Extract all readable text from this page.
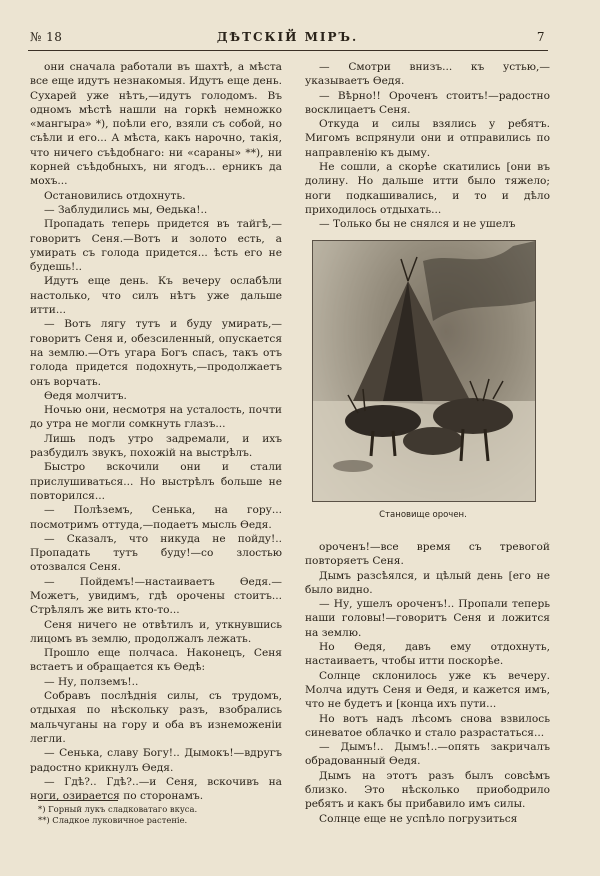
№ 18	ДѢТСКIЙ МIРЪ.	7

они сначала работали въ шахтѣ, а мѣста все еще идутъ незнакомыя. Идутъ еще день. Сухарей уже нѣтъ,—идутъ голодомъ. Въ одномъ мѣстѣ нашли на горкѣ немножко «мангыра» *), поѣли его, взяли съ собой, но съѣли и его... А мѣста, какъ нарочно, такiя, что ничего съѣдобнаго: ни «сараны» **), ни корней съѣдобныхъ, ни ягодъ... ерникъ да мохъ...

Остановились отдохнуть.

— Заблудились мы, Ѳедька!..

Пропадать теперь придется въ тайгѣ,—говоритъ Сеня.—Вотъ и золото есть, а умирать съ голода придется... ѣсть его не будешь!..

Идутъ еще день. Къ вечеру ослабѣли настолько, что силъ нѣтъ уже дальше итти...

— Вотъ лягу тутъ и буду умирать,—говоритъ Сеня и, обезсиленный, опускается на землю.—Отъ угара Богъ спасъ, такъ отъ голода придется подохнуть,—продолжаетъ онъ ворчать.

Ѳедя молчитъ.

Ночью они, несмотря на усталость, почти до утра не могли сомкнуть глазъ...

Лишь подъ утро задремали, и ихъ разбудилъ звукъ, похожiй на выстрѣлъ.

Быстро вскочили они и стали прислушиваться... Но выстрѣлъ больше не повторился...

— Полѣземъ, Сенька, на гору... посмотримъ оттуда,—подаетъ мысль Ѳедя.

— Сказалъ, что никуда не пойду!.. Пропадать тутъ буду!—со злостью отозвался Сеня.

— Пойдемъ!—настаиваетъ Ѳедя.—Можетъ, увидимъ, гдѣ орочены стоитъ... Стрѣлялъ же вить кто-то...

Сеня ничего не отвѣтилъ и, уткнувшись лицомъ въ землю, продолжалъ лежать.

Прошло еще полчаса. Наконецъ, Сеня встаетъ и обращается къ Ѳедѣ:

— Ну, полземъ!..

Собравъ послѣднiя силы, съ трудомъ, отдыхая по нѣскольку разъ, взобрались мальчуганы на гору и оба въ изнеможенiи легли.

— Сенька, славу Богу!.. Дымокъ!—вдругъ радостно крикнулъ Ѳедя.

— Гдѣ?.. Гдѣ?..—и Сеня, вскочивъ на ноги, озирается по сторонамъ.

— Смотри внизъ... къ устью,—указываетъ Ѳедя.

— Вѣрно!! Ороченъ стоитъ!—радостно восклицаетъ Сеня.

Откуда и силы взялись у ребятъ. Мигомъ вспрянули они и отправились по направленiю къ дыму.

Не сошли, а скорѣе скатились [они въ долину. Но дальше итти было тяжело; ноги подкашивались, и то и дѣло приходилось отдыхать...

— Только бы не снялся и не ушелъ

Становище орочен.

ороченъ!—все время съ тревогой повторяетъ Сеня.

Дымъ разсѣялся, и цѣлый день [его не было видно.

— Ну, ушелъ ороченъ!.. Пропали теперь наши головы!—говоритъ Сеня и ложится на землю.

Но Ѳедя, давъ ему отдохнуть, настаиваетъ, чтобы итти поскорѣе.

Солнце склонилось уже къ вечеру. Молча идутъ Сеня и Ѳедя, и кажется имъ, что не будетъ и [конца ихъ пути...

Но вотъ надъ лѣсомъ снова взвилось синеватое облачко и стало разрастаться...

— Дымъ!.. Дымъ!..—опять закричалъ обрадованный Ѳедя.

Дымъ на этотъ разъ былъ совсѣмъ близко. Это нѣсколько приободрило ребятъ и какъ бы прибавило имъ силы.

Солнце еще не успѣло погрузиться

*) Горный лукъ сладковатаго вкуса.
**) Сладкое луковичное растенiе.
